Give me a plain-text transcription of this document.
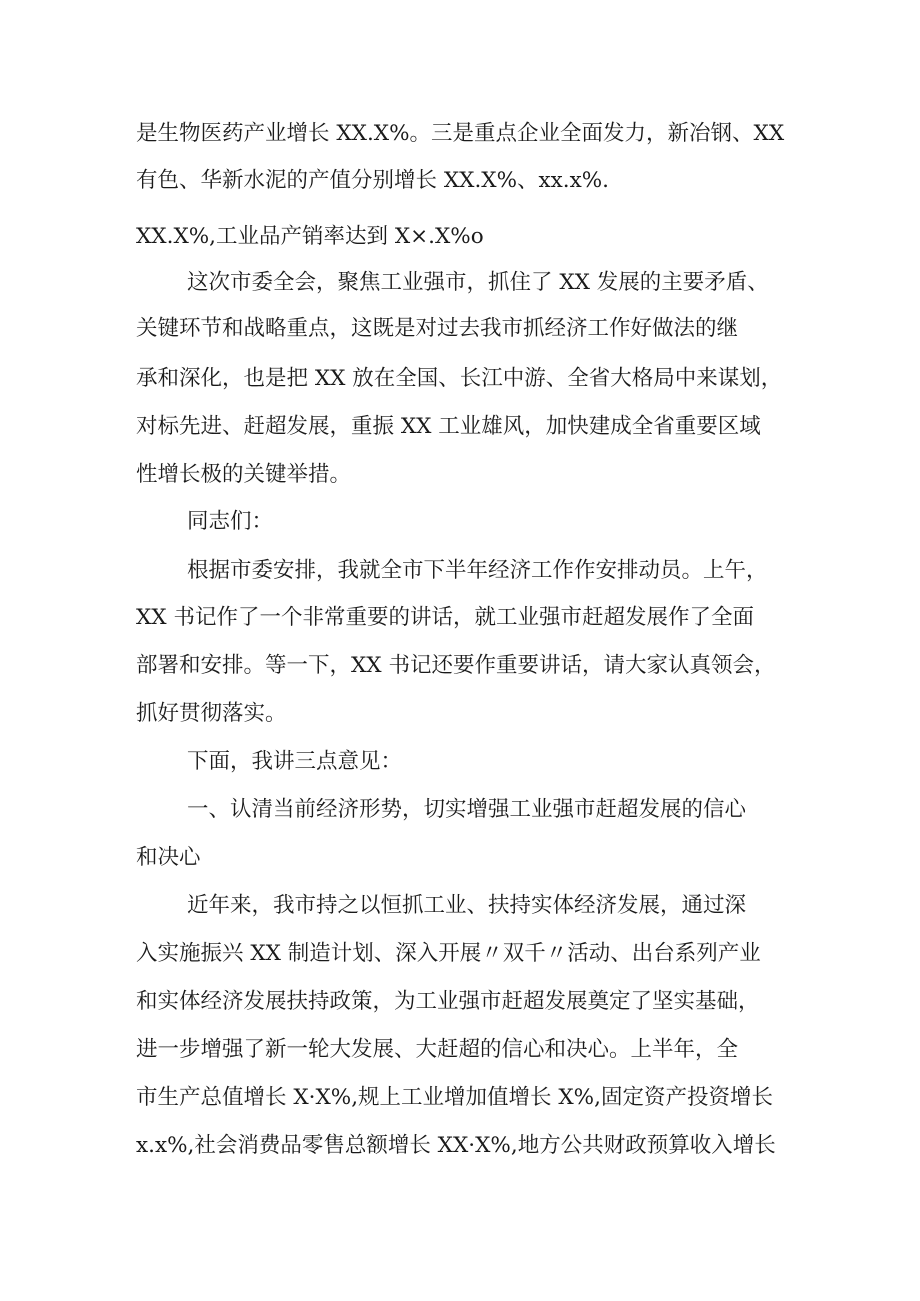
是生物医药产业增长 XX.X%。三是重点企业全面发力，新冶钢、XX
有色、华新水泥的产值分别增长 XX.X%、xx.x%.
XX.X%,工业品产销率达到 X×.X%o
这次市委全会，聚焦工业强市，抓住了 XX 发展的主要矛盾、
关键环节和战略重点，这既是对过去我市抓经济工作好做法的继
承和深化，也是把 XX 放在全国、长江中游、全省大格局中来谋划，
对标先进、赶超发展，重振 XX 工业雄风，加快建成全省重要区域
性增长极的关键举措。
同志们：
根据市委安排，我就全市下半年经济工作作安排动员。上午，
XX 书记作了一个非常重要的讲话，就工业强市赶超发展作了全面
部署和安排。等一下，XX 书记还要作重要讲话，请大家认真领会，
抓好贯彻落实。
下面，我讲三点意见：
一、认清当前经济形势，切实增强工业强市赶超发展的信心
和决心
近年来，我市持之以恒抓工业、扶持实体经济发展，通过深
入实施振兴 XX 制造计划、深入开展〃双千〃活动、出台系列产业
和实体经济发展扶持政策，为工业强市赶超发展奠定了坚实基础，
进一步增强了新一轮大发展、大赶超的信心和决心。上半年，全
市生产总值增长 X·X%,规上工业增加值增长 X%,固定资产投资增长
x.x%,社会消费品零售总额增长 XX·X%,地方公共财政预算收入增长
